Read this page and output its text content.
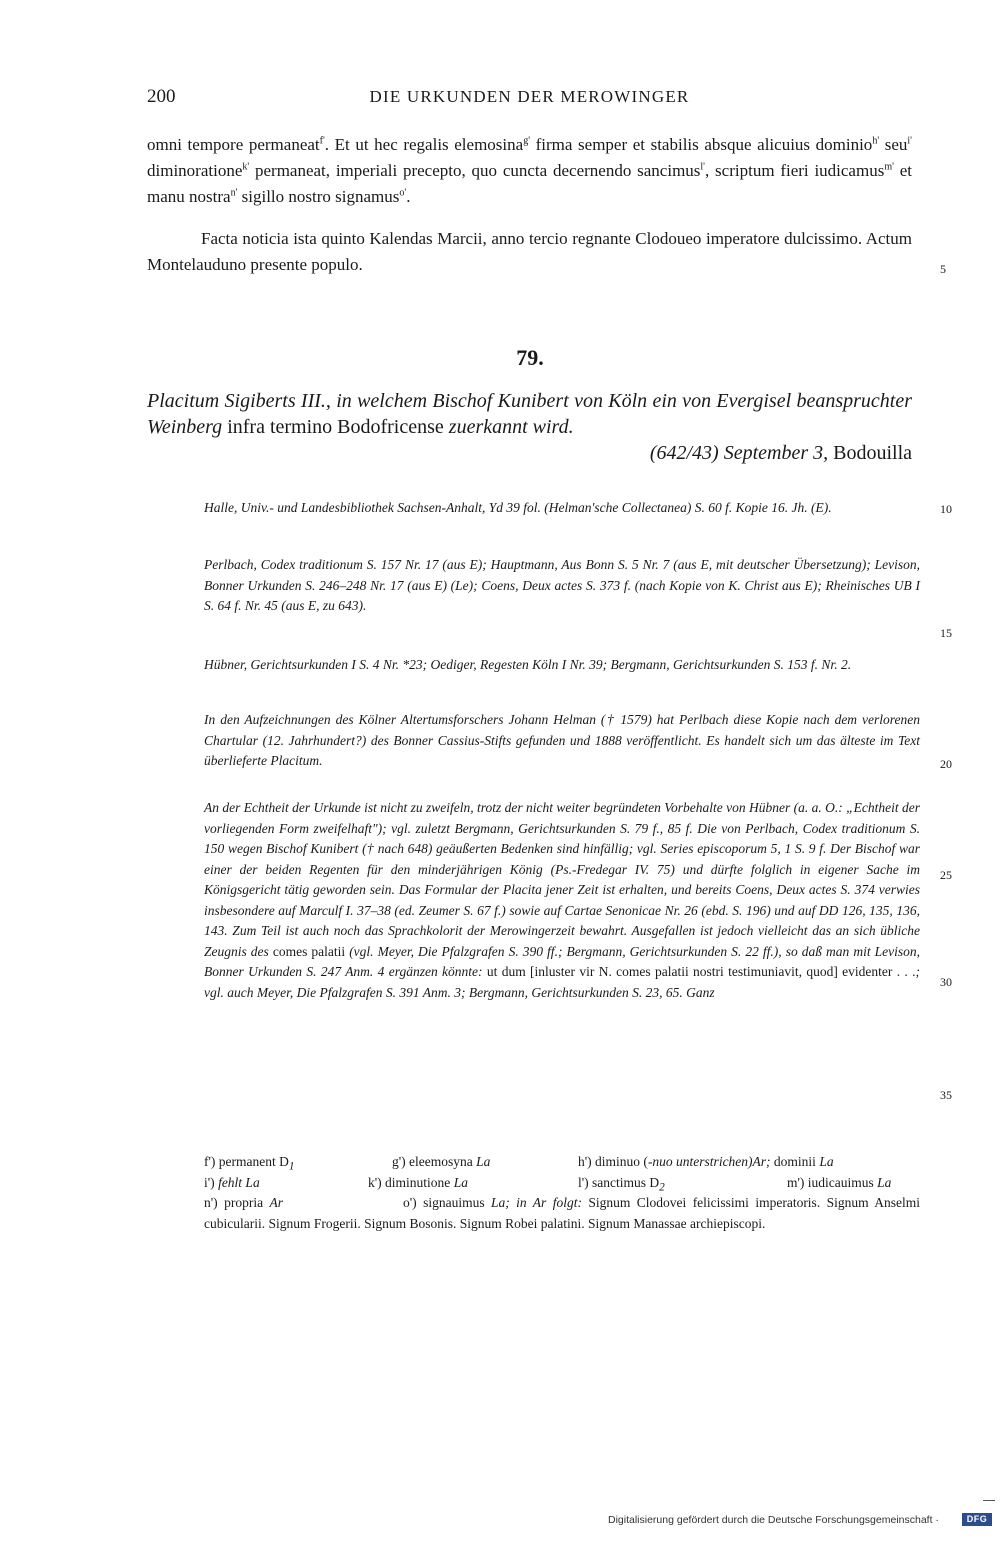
200	DIE URKUNDEN DER MEROWINGER
omni tempore permaneat$^{f'}$. Et ut hec regalis elemosina$^{g'}$ firma semper et stabilis absque alicuius dominio$^{h'}$ seu$^{i'}$ diminoratione$^{k'}$ permaneat, imperiali precepto, quo cuncta decernendo sancimus$^{l'}$, scriptum fieri iudicamus$^{m'}$ et manu nostra$^{n'}$ sigillo nostro signamus$^{o'}$.
Facta noticia ista quinto Kalendas Marcii, anno tercio regnante Clodoueo imperatore dulcissimo. Actum Montelauduno presente populo.	5
79.
Placitum Sigiberts III., in welchem Bischof Kunibert von Köln ein von Evergisel beanspruchter Weinberg infra termino Bodofricense zuerkannt wird.
(642/43) September 3, Bodouilla
Halle, Univ.- und Landesbibliothek Sachsen-Anhalt, Yd 39 fol. (Helman'sche Collectanea) S. 60 f. Kopie 16. Jh. (E).
Perlbach, Codex traditionum S. 157 Nr. 17 (aus E); Hauptmann, Aus Bonn S. 5 Nr. 7 (aus E, mit deutscher Übersetzung); Levison, Bonner Urkunden S. 246–248 Nr. 17 (aus E) (Le); Coens, Deux actes S. 373 f. (nach Kopie von K. Christ aus E); Rheinisches UB I S. 64 f. Nr. 45 (aus E, zu 643).
Hübner, Gerichtsurkunden I S. 4 Nr. *23; Oediger, Regesten Köln I Nr. 39; Bergmann, Gerichtsurkunden S. 153 f. Nr. 2.
In den Aufzeichnungen des Kölner Altertumsforschers Johann Helman († 1579) hat Perlbach diese Kopie nach dem verlorenen Chartular (12. Jahrhundert?) des Bonner Cassius-Stifts gefunden und 1888 veröffentlicht. Es handelt sich um das älteste im Text überlieferte Placitum.
An der Echtheit der Urkunde ist nicht zu zweifeln, trotz der nicht weiter begründeten Vorbehalte von Hübner (a. a. O.: „Echtheit der vorliegenden Form zweifelhaft"); vgl. zuletzt Bergmann, Gerichtsurkunden S. 79 f., 85 f. Die von Perlbach, Codex traditionum S. 150 wegen Bischof Kunibert († nach 648) geäußerten Bedenken sind hinfällig; vgl. Series episcoporum 5, 1 S. 9 f. Der Bischof war einer der beiden Regenten für den minderjährigen König (Ps.-Fredegar IV. 75) und dürfte folglich in eigener Sache im Königsgericht tätig geworden sein. Das Formular der Placita jener Zeit ist erhalten, und bereits Coens, Deux actes S. 374 verwies insbesondere auf Marculf I. 37–38 (ed. Zeumer S. 67 f.) sowie auf Cartae Senonicae Nr. 26 (ebd. S. 196) und auf DD 126, 135, 136, 143. Zum Teil ist auch noch das Sprachkolorit der Merowingerzeit bewahrt. Ausgefallen ist jedoch vielleicht das an sich übliche Zeugnis des comes palatii (vgl. Meyer, Die Pfalzgrafen S. 390 ff.; Bergmann, Gerichtsurkunden S. 22 ff.), so daß man mit Levison, Bonner Urkunden S. 247 Anm. 4 ergänzen könnte: ut dum [inluster vir N. comes palatii nostri testimuniavit, quod] evidenter . . .; vgl. auch Meyer, Die Pfalzgrafen S. 391 Anm. 3; Bergmann, Gerichtsurkunden S. 23, 65. Ganz
10
15
20
25
30
35
f') permanent $D_1$	g') eleemosyna La	h') diminuo (-nuo unterstrichen)Ar; dominii La
i') fehlt La	k') diminutione La	l') sanctimus $D_2$	m') iudicauimus La
n') propria Ar	o') signauimus La; in Ar folgt: Signum Clodovei felicissimi imperatoris. Signum Anselmi cubicularii. Signum Frogerii. Signum Bosonis. Signum Robei palatini. Signum Manassae archiepiscopi.
Digitalisierung gefördert durch die Deutsche Forschungsgemeinschaft ·	DFG
